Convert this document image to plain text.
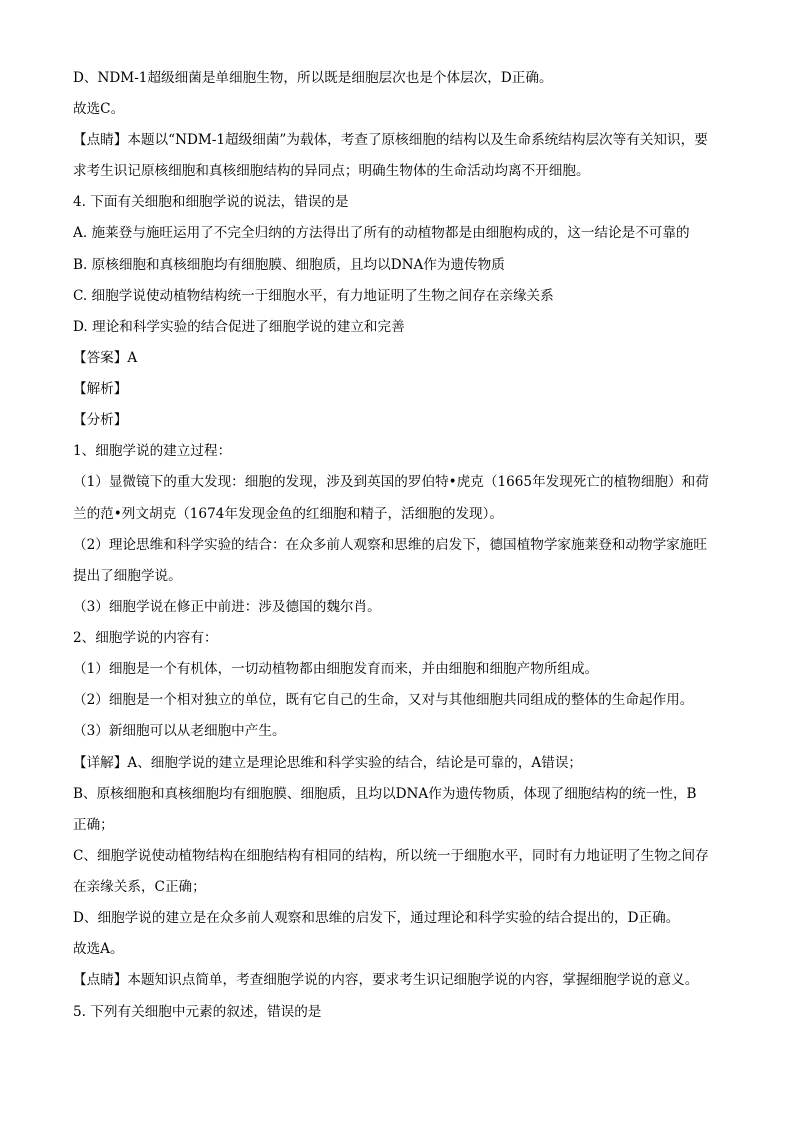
D、NDM-1超级细菌是单细胞生物，所以既是细胞层次也是个体层次，D正确。
故选C。
【点睛】本题以“NDM-1超级细菌”为载体，考查了原核细胞的结构以及生命系统结构层次等有关知识，要
求考生识记原核细胞和真核细胞结构的异同点；明确生物体的生命活动均离不开细胞。
4. 下面有关细胞和细胞学说的说法，错误的是
A. 施莱登与施旺运用了不完全归纳的方法得出了所有的动植物都是由细胞构成的，这一结论是不可靠的
B. 原核细胞和真核细胞均有细胞膜、细胞质，且均以DNA作为遗传物质
C. 细胞学说使动植物结构统一于细胞水平，有力地证明了生物之间存在亲缘关系
D. 理论和科学实验的结合促进了细胞学说的建立和完善
【答案】A
【解析】
【分析】
1、细胞学说的建立过程：
（1）显微镜下的重大发现：细胞的发现，涉及到英国的罗伯特•虎克（1665年发现死亡的植物细胞）和荷
兰的范•列文胡克（1674年发现金鱼的红细胞和精子，活细胞的发现）。
（2）理论思维和科学实验的结合：在众多前人观察和思维的启发下，德国植物学家施莱登和动物学家施旺
提出了细胞学说。
（3）细胞学说在修正中前进：涉及德国的魏尔肖。
2、细胞学说的内容有：
（1）细胞是一个有机体，一切动植物都由细胞发育而来，并由细胞和细胞产物所组成。
（2）细胞是一个相对独立的单位，既有它自己的生命，又对与其他细胞共同组成的整体的生命起作用。
（3）新细胞可以从老细胞中产生。
【详解】A、细胞学说的建立是理论思维和科学实验的结合，结论是可靠的，A错误；
B、原核细胞和真核细胞均有细胞膜、细胞质，且均以DNA作为遗传物质，体现了细胞结构的统一性，B
正确；
C、细胞学说使动植物结构在细胞结构有相同的结构，所以统一于细胞水平，同时有力地证明了生物之间存
在亲缘关系，C正确；
D、细胞学说的建立是在众多前人观察和思维的启发下，通过理论和科学实验的结合提出的，D正确。
故选A。
【点睛】本题知识点简单，考查细胞学说的内容，要求考生识记细胞学说的内容，掌握细胞学说的意义。
5. 下列有关细胞中元素的叙述，错误的是
